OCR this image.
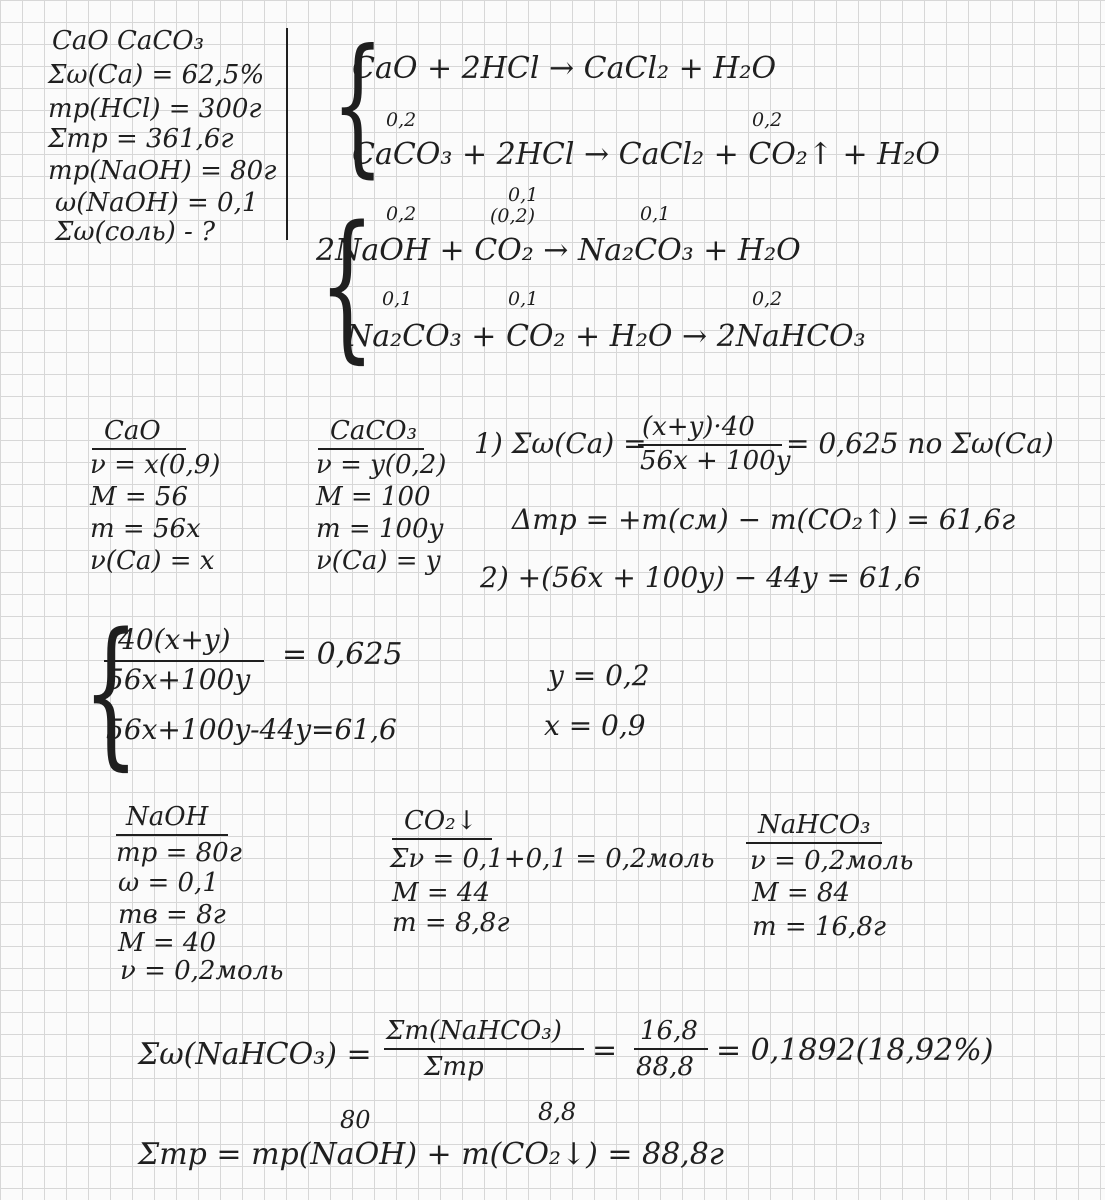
CaO CaCO₃
Σω(Ca) = 62,5%
mр(HCl) = 300г
Σmр = 361,6г
mр(NaOH) = 80г
ω(NaOH) = 0,1
Σω(соль) - ?
{
CaO + 2HCl → CaCl₂ + H₂O
0,2	0,2
CaCO₃ + 2HCl → CaCl₂ + CO₂↑ + H₂O
{ 0,2
0,1
(0,2)	0,1
2NaOH + CO₂ → Na₂CO₃ + H₂O
0,1	0,1	0,2
Na₂CO₃ + CO₂ + H₂O → 2NaHCO₃
CaO
ν = x(0,9)
M = 56
m = 56x
ν(Ca) = x
CaCO₃
ν = y(0,2)
M = 100
m = 100y
ν(Ca) = y
1) Σω(Ca) =
(x+y)·40
56x + 100y
= 0,625 по Σω(Ca)
Δmр = +m(см) − m(CO₂↑) = 61,6г
2) +(56x + 100y) − 44y = 61,6
{
40(x+y)
56x+100y
= 0,625
56x+100y-44y=61,6
y = 0,2
x = 0,9
NaOH
mр = 80г
ω = 0,1
mв = 8г
M = 40
ν = 0,2моль
CO₂↓
Σν = 0,1+0,1 = 0,2моль
M = 44
m = 8,8г
NaHCO₃
ν = 0,2моль
M = 84
m = 16,8г
Σω(NaHCO₃) =
Σm(NaHCO₃)
Σmр	=
16,8
88,8 = 0,1892(18,92%)
80	8,8
Σmр = mр(NaOH) + m(CO₂↓) = 88,8г
